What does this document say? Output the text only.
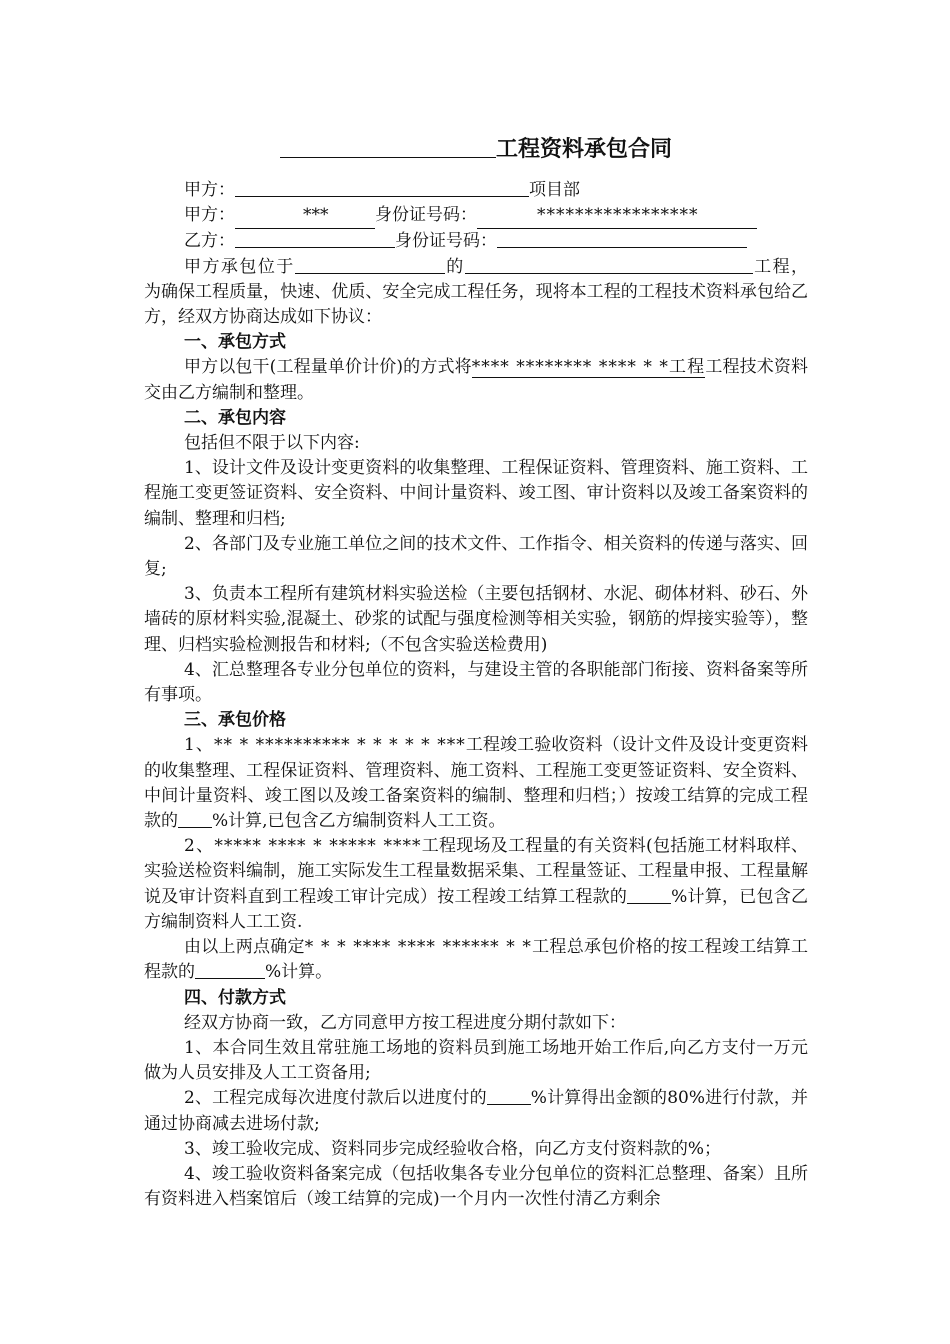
工程资料承包合同
甲方：	项目部
甲方：	***	身份证号码：	*****************
乙方：	身份证号码：
甲方承包位于	的	工程，为确保工程质量，快速、优质、安全完成工程任务，现将本工程的工程技术资料承包给乙方，经双方协商达成如下协议：
一、承包方式
甲方以包干(工程量单价计价)的方式将**** ******** **** * *工程工程技术资料交由乙方编制和整理。
二、承包内容
包括但不限于以下内容:
1、设计文件及设计变更资料的收集整理、工程保证资料、管理资料、施工资料、工程施工变更签证资料、安全资料、中间计量资料、竣工图、审计资料以及竣工备案资料的编制、整理和归档;
2、各部门及专业施工单位之间的技术文件、工作指令、相关资料的传递与落实、回复;
3、负责本工程所有建筑材料实验送检（主要包括钢材、水泥、砌体材料、砂石、外墙砖的原材料实验,混凝土、砂浆的试配与强度检测等相关实验，钢筋的焊接实验等），整理、归档实验检测报告和材料;（不包含实验送检费用)
4、汇总整理各专业分包单位的资料，与建设主管的各职能部门衔接、资料备案等所有事项。
三、承包价格
1、** * ********** * * * * * ***工程竣工验收资料（设计文件及设计变更资料的收集整理、工程保证资料、管理资料、施工资料、工程施工变更签证资料、安全资料、中间计量资料、竣工图以及竣工备案资料的编制、整理和归档；）按竣工结算的完成工程款的 %计算,已包含乙方编制资料人工工资。
2、***** **** * ***** ****工程现场及工程量的有关资料(包括施工材料取样、实验送检资料编制，施工实际发生工程量数据采集、工程量签证、工程量申报、工程量解说及审计资料直到工程竣工审计完成）按工程竣工结算工程款的	%计算，已包含乙方编制资料人工工资.
由以上两点确定* * * **** **** ****** * *工程总承包价格的按工程竣工结算工程款的	%计算。
四、付款方式
经双方协商一致，乙方同意甲方按工程进度分期付款如下：
1、本合同生效且常驻施工场地的资料员到施工场地开始工作后,向乙方支付一万元做为人员安排及人工工资备用;
2、工程完成每次进度付款后以进度付的	%计算得出金额的80%进行付款，并通过协商减去进场付款;
3、竣工验收完成、资料同步完成经验收合格，向乙方支付资料款的%；
4、竣工验收资料备案完成（包括收集各专业分包单位的资料汇总整理、备案）且所有资料进入档案馆后（竣工结算的完成)一个月内一次性付清乙方剩余
